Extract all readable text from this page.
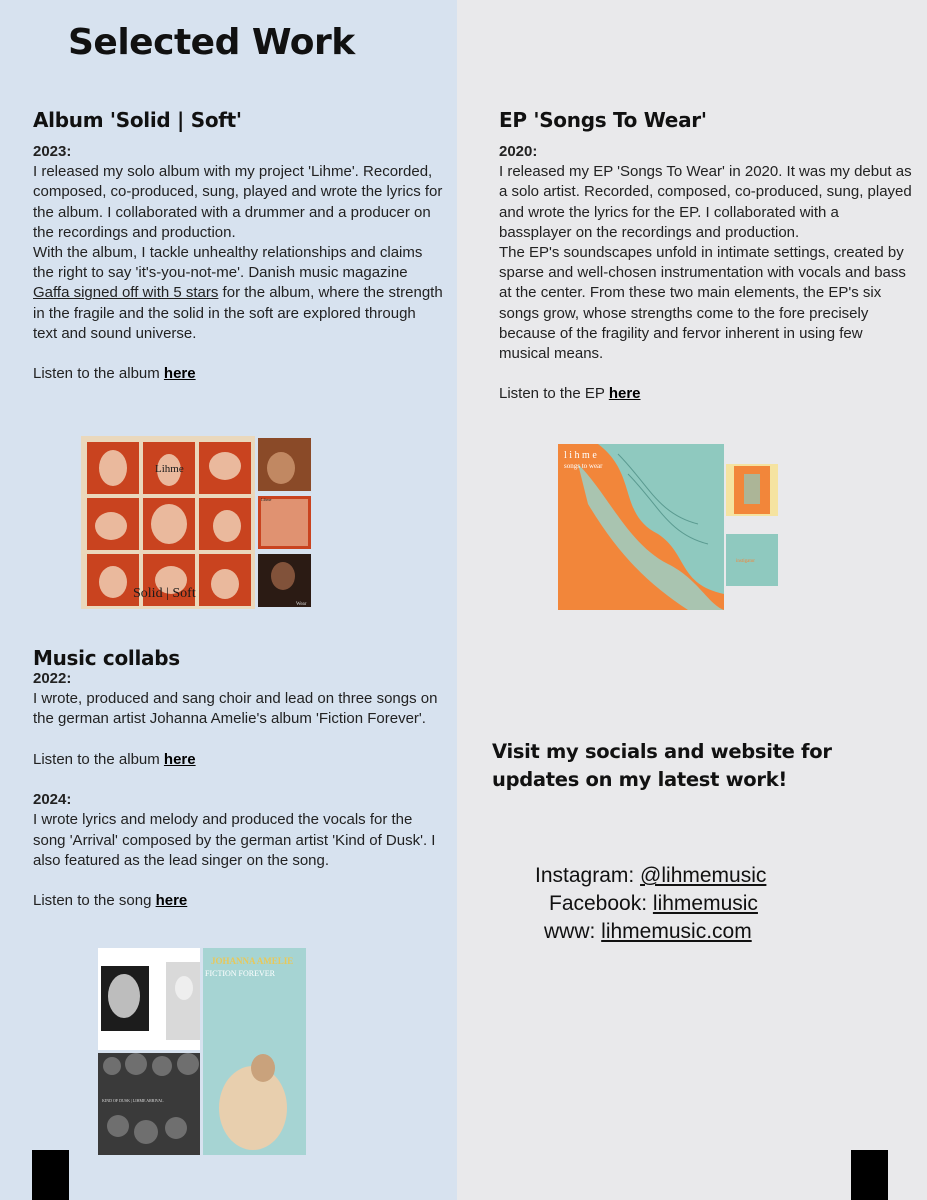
Selected Work
Album 'Solid | Soft'

2023:

I released my solo album with my project 'Lihme'. Recorded, composed, co-produced, sung, played and wrote the lyrics for the album. I collaborated with a drummer and a producer on the recordings and production.

With the album, I tackle unhealthy relationships and claims the right to say 'it's-you-not-me'. Danish music magazine Gaffa signed off with 5 stars for the album, where the strength in the fragile and the solid in the soft are explored through text and sound universe.

Listen to the album here

Lihme
Solid | Soft
Lihme
Wear
EP 'Songs To Wear'

2020:

I released my EP 'Songs To Wear' in 2020. It was my debut as a solo artist. Recorded, composed, co-produced, sung, played and wrote the lyrics for the EP. I collaborated with a bassplayer on the recordings and production.

The EP's soundscapes unfold in intimate settings, created by sparse and well-chosen instrumentation with vocals and bass at the center. From these two main elements, the EP's six songs grow, whose strengths come to the fore precisely because of the fragility and fervor inherent in using few musical means.

Listen to the EP here

l i h m e
songs to wear
instigator
Music collabs

2022:

I wrote, produced and sang choir and lead on three songs on the german artist Johanna Amelie's album 'Fiction Forever'.

Listen to the album here

2024:

I wrote lyrics and melody and produced the vocals for the song 'Arrival' composed by the german artist 'Kind of Dusk'. I also featured as the lead singer on the song.

Listen to the song here

KIND OF DUSK | LIHME ARRIVAL
JOHANNA AMELIE
FICTION FOREVER
Visit my socials and website for updates on my latest work!
Instagram: @lihmemusic
Facebook: lihmemusic
www: lihmemusic.com
